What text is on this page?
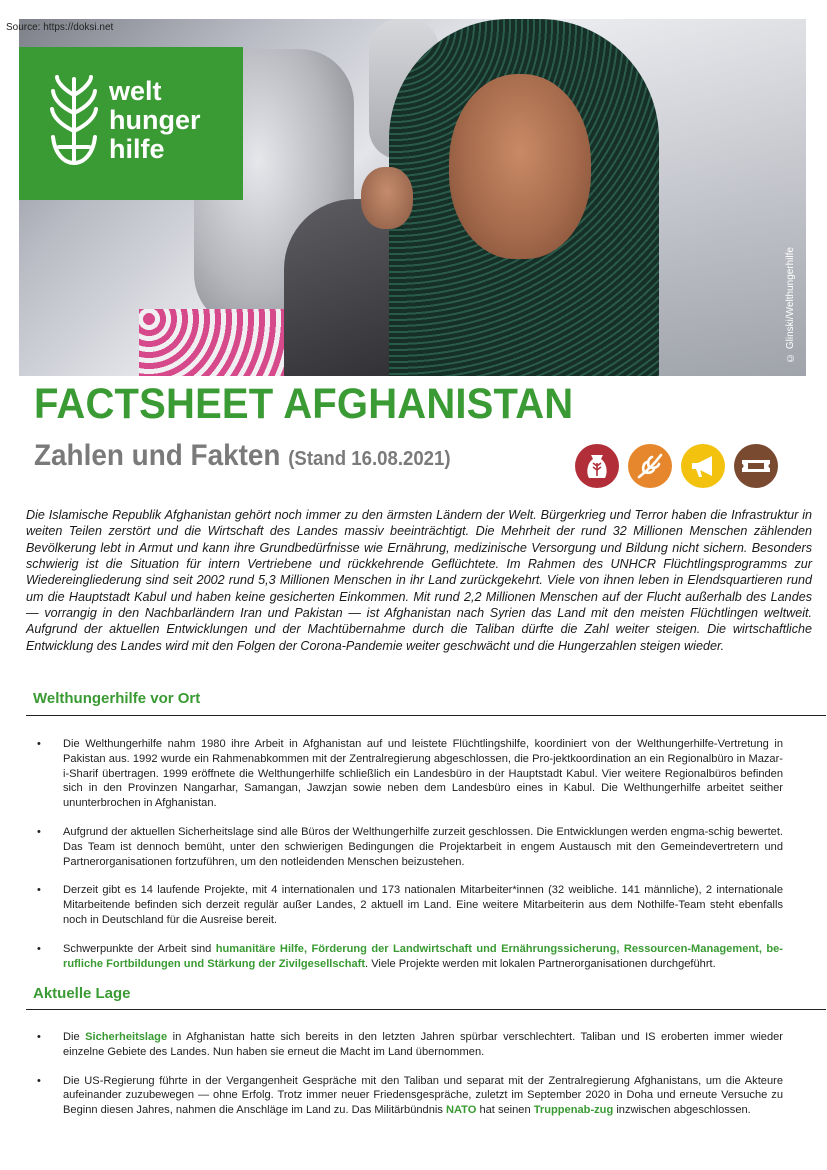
Source: https://doksi.net
© Glinski/Welthungerhilfe
welt
hunger
hilfe
FACTSHEET AFGHANISTAN
Zahlen und Fakten (Stand 16.08.2021)

Die Islamische Republik Afghanistan gehört noch immer zu den ärmsten Ländern der Welt. Bürgerkrieg und Terror haben die Infrastruktur in weiten Teilen zerstört und die Wirtschaft des Landes massiv beeinträchtigt. Die Mehrheit der rund 32 Millionen Menschen zählenden Bevölkerung lebt in Armut und kann ihre Grundbedürfnisse wie Ernährung, medizinische Versorgung und Bildung nicht sichern. Besonders schwierig ist die Situation für intern Vertriebene und rückkehrende Geflüchtete. Im Rahmen des UNHCR Flüchtlingsprogramms zur Wiedereingliederung sind seit 2002 rund 5,3 Millionen Menschen in ihr Land zurückgekehrt. Viele von ihnen leben in Elendsquartieren rund um die Hauptstadt Kabul und haben keine gesicherten Einkommen. Mit rund 2,2 Millionen Menschen auf der Flucht außerhalb des Landes — vorrangig in den Nachbarländern Iran und Pakistan — ist Afghanistan nach Syrien das Land mit den meisten Flüchtlingen weltweit. Aufgrund der aktuellen Entwicklungen und der Machtübernahme durch die Taliban dürfte die Zahl weiter steigen. Die wirtschaftliche Entwicklung des Landes wird mit den Folgen der Corona-Pandemie weiter geschwächt und die Hungerzahlen steigen wieder.

Welthungerhilfe vor Ort
• Die Welthungerhilfe nahm 1980 ihre Arbeit in Afghanistan auf und leistete Flüchtlingshilfe, koordiniert von der Welthungerhilfe-Vertretung in Pakistan aus. 1992 wurde ein Rahmenabkommen mit der Zentralregierung abgeschlossen, die Pro-jektkoordination an ein Regionalbüro in Mazar-i-Sharif übertragen. 1999 eröffnete die Welthungerhilfe schließlich ein Landesbüro in der Hauptstadt Kabul. Vier weitere Regionalbüros befinden sich in den Provinzen Nangarhar, Samangan, Jawzjan sowie neben dem Landesbüro eines in Kabul. Die Welthungerhilfe arbeitet seither ununterbrochen in Afghanistan.
• Aufgrund der aktuellen Sicherheitslage sind alle Büros der Welthungerhilfe zurzeit geschlossen. Die Entwicklungen werden engma-schig bewertet. Das Team ist dennoch bemüht, unter den schwierigen Bedingungen die Projektarbeit in engem Austausch mit den Gemeindevertretern und Partnerorganisationen fortzuführen, um den notleidenden Menschen beizustehen.
• Derzeit gibt es 14 laufende Projekte, mit 4 internationalen und 173 nationalen Mitarbeiter*innen (32 weibliche. 141 männliche), 2 internationale Mitarbeitende befinden sich derzeit regulär außer Landes, 2 aktuell im Land. Eine weitere Mitarbeiterin aus dem Nothilfe-Team steht ebenfalls noch in Deutschland für die Ausreise bereit.
• Schwerpunkte der Arbeit sind humanitäre Hilfe, Förderung der Landwirtschaft und Ernährungssicherung, Ressourcen-Management, be-rufliche Fortbildungen und Stärkung der Zivilgesellschaft. Viele Projekte werden mit lokalen Partnerorganisationen durchgeführt.
Aktuelle Lage
• Die Sicherheitslage in Afghanistan hatte sich bereits in den letzten Jahren spürbar verschlechtert. Taliban und IS eroberten immer wieder einzelne Gebiete des Landes. Nun haben sie erneut die Macht im Land übernommen.
• Die US-Regierung führte in der Vergangenheit Gespräche mit den Taliban und separat mit der Zentralregierung Afghanistans, um die Akteure aufeinander zuzubewegen — ohne Erfolg. Trotz immer neuer Friedensgespräche, zuletzt im September 2020 in Doha und erneute Versuche zu Beginn diesen Jahres, nahmen die Anschläge im Land zu. Das Militärbündnis NATO hat seinen Truppenab-zug inzwischen abgeschlossen.
